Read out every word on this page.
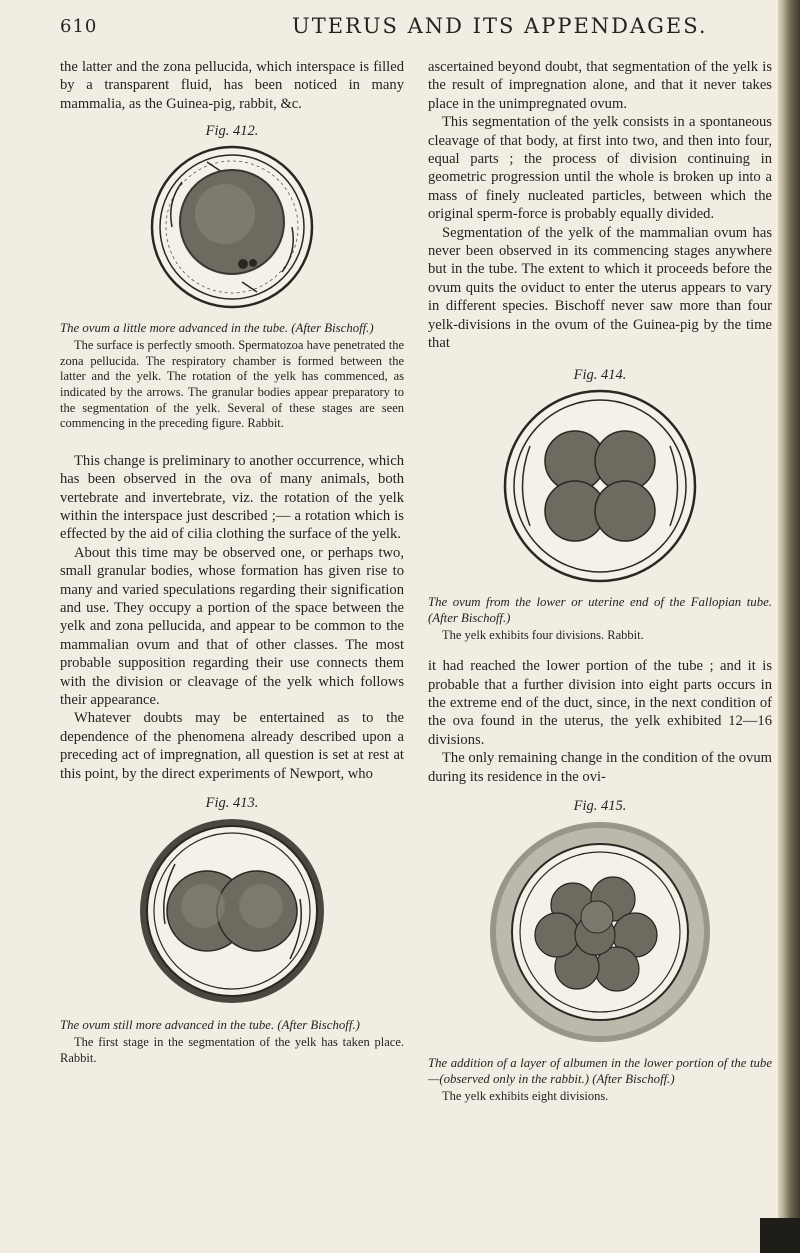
610	UTERUS AND ITS APPENDAGES.

the latter and the zona pellucida, which interspace is filled by a transparent fluid, has been noticed in many mammalia, as the Guinea-pig, rabbit, &c.

Fig. 412.

The ovum a little more advanced in the tube. (After Bischoff.)

The surface is perfectly smooth. Spermatozoa have penetrated the zona pellucida. The respiratory chamber is formed between the latter and the yelk. The rotation of the yelk has commenced, as indicated by the arrows. The granular bodies appear preparatory to the segmentation of the yelk. Several of these stages are seen commencing in the preceding figure. Rabbit.

This change is preliminary to another occurrence, which has been observed in the ova of many animals, both vertebrate and invertebrate, viz. the rotation of the yelk within the interspace just described ;— a rotation which is effected by the aid of cilia clothing the surface of the yelk.

About this time may be observed one, or perhaps two, small granular bodies, whose formation has given rise to many and varied speculations regarding their signification and use. They occupy a portion of the space between the yelk and zona pellucida, and appear to be common to the mammalian ovum and that of other classes. The most probable supposition regarding their use connects them with the division or cleavage of the yelk which follows their appearance.

Whatever doubts may be entertained as to the dependence of the phenomena already described upon a preceding act of impregnation, all question is set at rest at this point, by the direct experiments of Newport, who

Fig. 413.

The ovum still more advanced in the tube. (After Bischoff.)

The first stage in the segmentation of the yelk has taken place. Rabbit.

ascertained beyond doubt, that segmentation of the yelk is the result of impregnation alone, and that it never takes place in the unimpregnated ovum.

This segmentation of the yelk consists in a spontaneous cleavage of that body, at first into two, and then into four, equal parts ; the process of division continuing in geometric progression until the whole is broken up into a mass of finely nucleated particles, between which the original sperm-force is probably equally divided.

Segmentation of the yelk of the mammalian ovum has never been observed in its commencing stages anywhere but in the tube. The extent to which it proceeds before the ovum quits the oviduct to enter the uterus appears to vary in different species. Bischoff never saw more than four yelk-divisions in the ovum of the Guinea-pig by the time that

Fig. 414.

The ovum from the lower or uterine end of the Fallopian tube. (After Bischoff.)

The yelk exhibits four divisions. Rabbit.

it had reached the lower portion of the tube ; and it is probable that a further division into eight parts occurs in the extreme end of the duct, since, in the next condition of the ova found in the uterus, the yelk exhibited 12—16 divisions.

The only remaining change in the condition of the ovum during its residence in the ovi-

Fig. 415.

The addition of a layer of albumen in the lower portion of the tube—(observed only in the rabbit.) (After Bischoff.)

The yelk exhibits eight divisions.
